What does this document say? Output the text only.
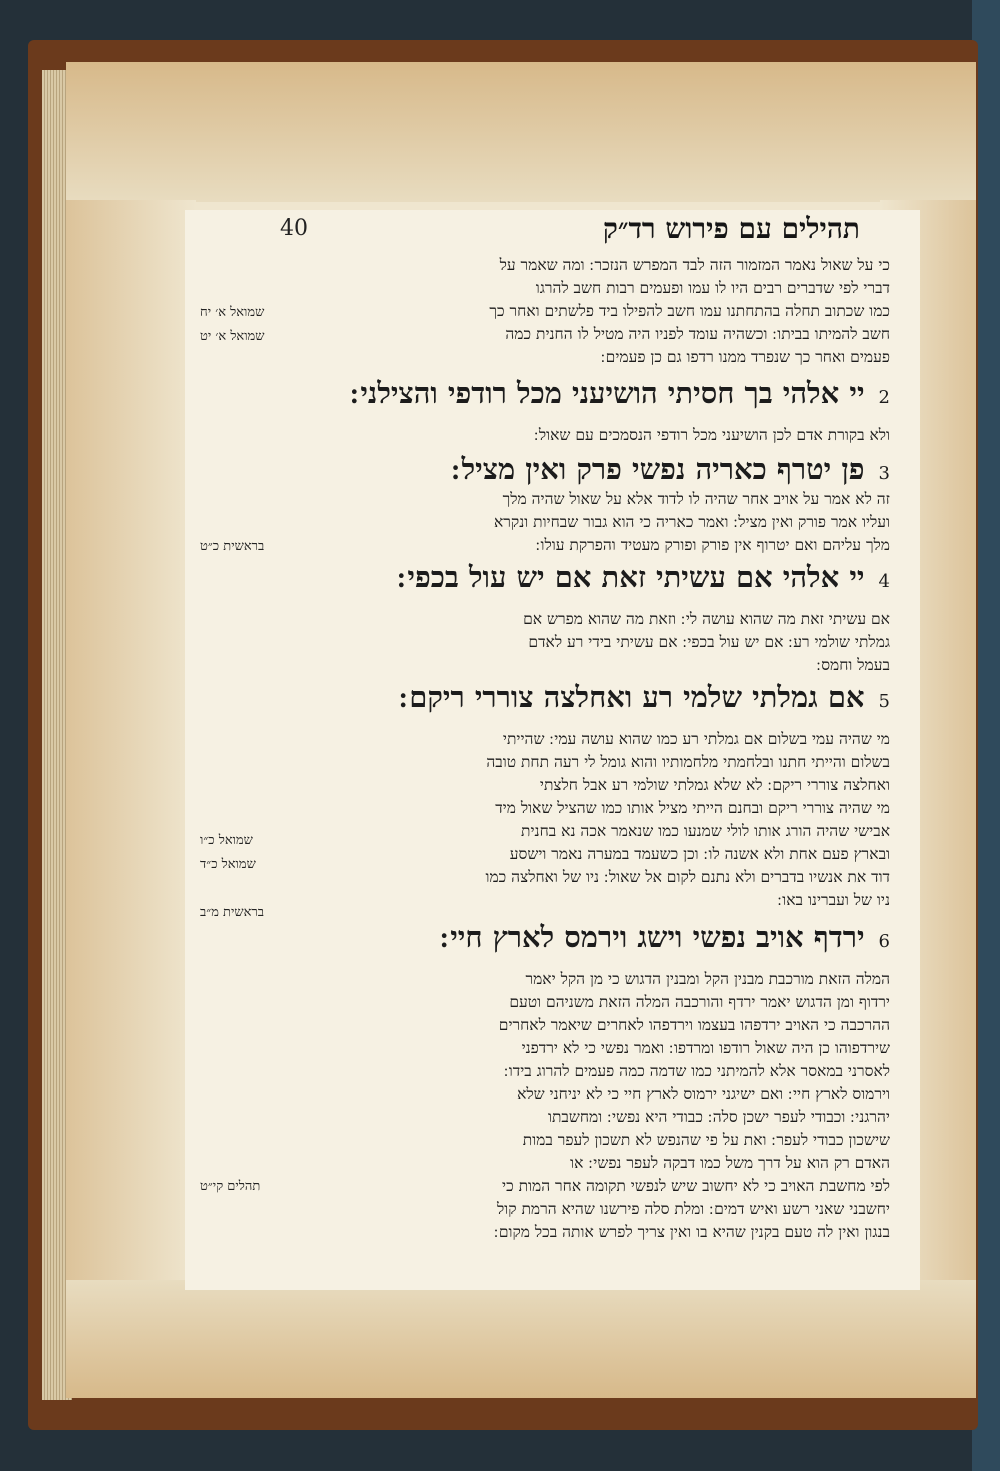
40	תהילים עם פירוש רד״ק
כי על שאול נאמר המזמור הזה לבד המפרש הנזכר ׃ ומה שאמר על
דברי לפי שדברים רבים היו לו עמו ופעמים רבות חשב להרגו
כמו שכתוב תחלה בהתחתנו עמו חשב להפילו ביד פלשתים ואחר כך
חשב להמיתו בביתו ׃ וכשהיה עומד לפניו היה מטיל לו החנית כמה
פעמים ואחר כך שנפרד ממנו רדפו גם כן פעמים ׃
2יי אלהי בך חסיתי הושיעני מכל רודפי והצילני ׃
ולא בקורת אדם לכן הושיעני מכל רודפי הנסמכים עם שאול ׃
3פן יטרף כאריה נפשי פרק ואין מציל ׃
זה לא אמר על אויב אחר שהיה לו לדוד אלא על שאול שהיה מלך
ועליו אמר פורק ואין מציל ׃ ואמר כאריה כי הוא גבור שבחיות ונקרא
מלך עליהם ואם יטרוף אין פורק ופורק מעטיד והפרקת עולו ׃
4יי אלהי אם עשיתי זאת אם יש עול בכפי ׃
אם עשיתי זאת מה שהוא עושה לי ׃ וזאת מה שהוא מפרש אם
גמלתי שולמי רע ׃ אם יש עול בכפי ׃ אם עשיתי בידי רע לאדם
בעמל וחמס ׃
5אם גמלתי שלמי רע ואחלצה צוררי ריקם ׃
מי שהיה עמי בשלום אם גמלתי רע כמו שהוא עושה עמי ׃ שהייתי
בשלום והייתי חתנו ובלחמתי מלחמותיו והוא גומל לי רעה תחת טובה
ואחלצה צוררי ריקם ׃ לא שלא גמלתי שולמי רע אבל חלצתי
מי שהיה צוררי ריקם ובחנם הייתי מציל אותו כמו שהציל שאול מיד
אבישי שהיה הורג אותו לולי שמנעו כמו שנאמר אכה נא בחנית
ובארץ פעם אחת ולא אשנה לו ׃ וכן כשעמד במערה נאמר וישסע
דוד את אנשיו בדברים ולא נתנם לקום אל שאול ׃ ניו של ואחלצה כמו
ניו של ועברינו באו ׃
6ירדף אויב נפשי וישג וירמס לארץ חיי ׃
המלה הזאת מורכבת מבנין הקל ומבנין הדגוש כי מן הקל יאמר
ירדוף ומן הדגוש יאמר ירדף והורכבה המלה הזאת משניהם וטעם
ההרכבה כי האויב ירדפהו בעצמו וירדפהו לאחרים שיאמר לאחרים
שירדפוהו כן היה שאול רודפו ומרדפו ׃ ואמר נפשי כי לא ירדפני
לאסרני במאסר אלא להמיתני כמו שדמה כמה פעמים להרוג בידו ׃
וירמוס לארץ חיי ׃ ואם ישיגני ירמוס לארץ חיי כי לא יניחני שלא
יהרגני ׃ וכבודי לעפר ישכן סלה ׃ כבודי היא נפשי ׃ ומחשבתו
שישכון כבודי לעפר ׃ ואת על פי שהנפש לא תשכון לעפר במות
האדם רק הוא על דרך משל כמו דבקה לעפר נפשי ׃ או
לפי מחשבת האויב כי לא יחשוב שיש לנפשי תקומה אחר המות כי
יחשבני שאני רשע ואיש דמים ׃ ומלת סלה פירשנו שהיא הרמת קול
בנגון ואין לה טעם בקנין שהיא בו ואין צריך לפרש אותה בכל מקום ׃
שמואל א׳ יח
שמואל א׳ יט
בראשית כ״ט
שמואל כ״ו
שמואל כ״ד
בראשית מ״ב
תהלים קי״ט
